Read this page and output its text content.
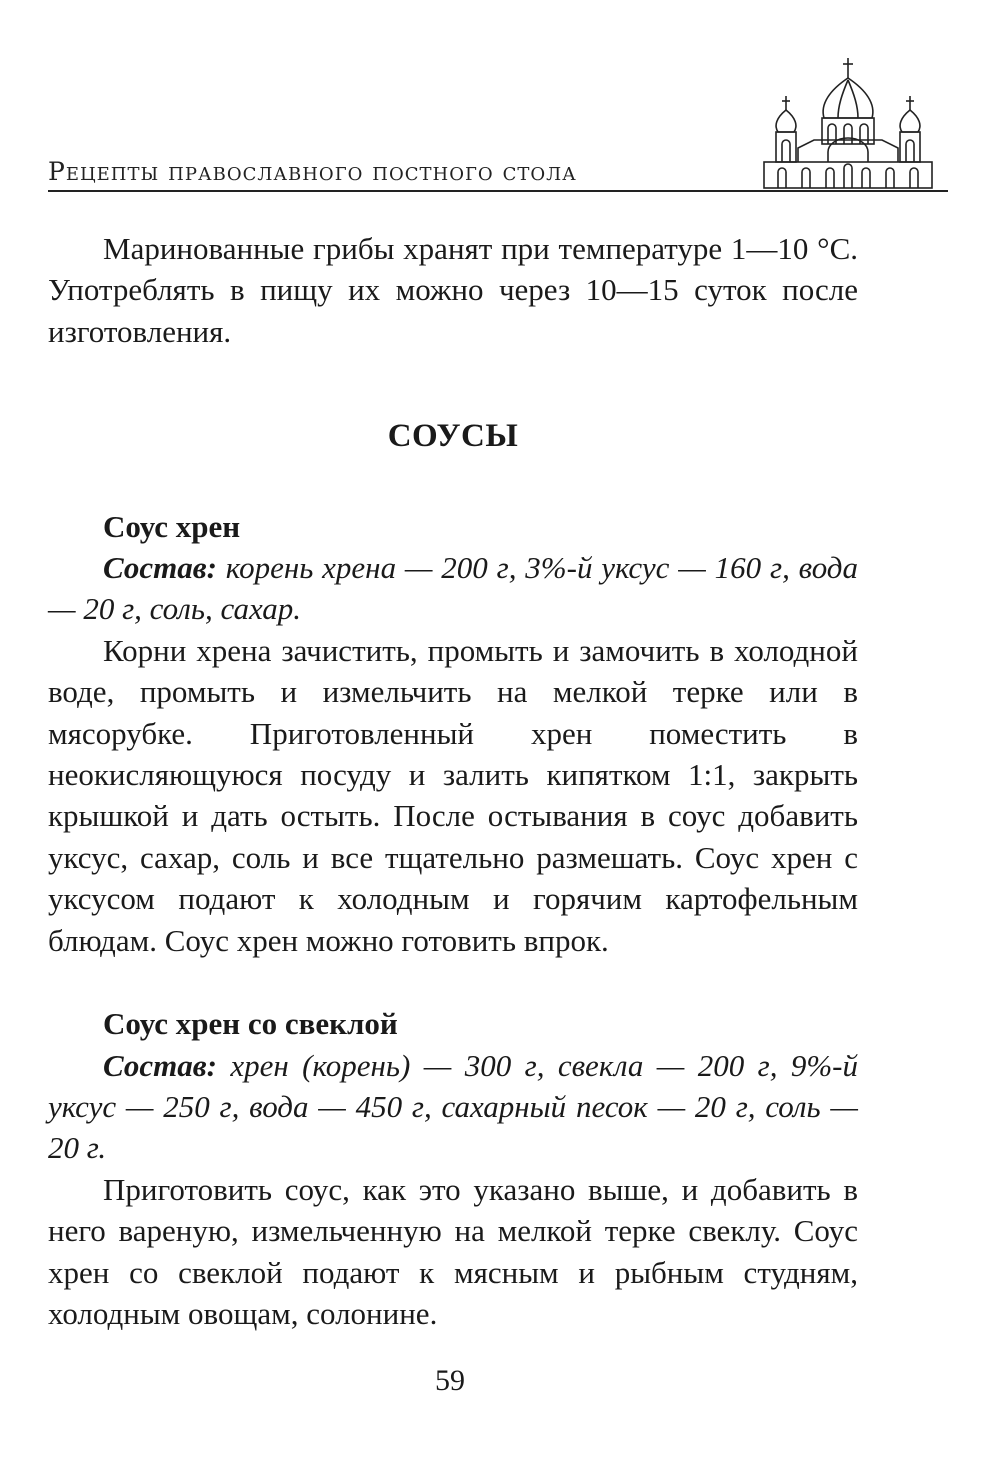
Рецепты православного постного стола

Маринованные грибы хранят при температуре 1—10 °С. Употреблять в пищу их можно через 10—15 суток после изготовления.

СОУСЫ

Соус хрен

Состав: корень хрена — 200 г, 3%-й уксус — 160 г, вода — 20 г, соль, сахар.

Корни хрена зачистить, промыть и замочить в холодной воде, промыть и измельчить на мелкой терке или в мясорубке. Приготовленный хрен поместить в неокисляющуюся посуду и залить кипятком 1:1, закрыть крышкой и дать остыть. После остывания в соус добавить уксус, сахар, соль и все тщательно размешать. Соус хрен с уксусом подают к холодным и горячим картофельным блюдам. Соус хрен можно готовить впрок.

Соус хрен со свеклой

Состав: хрен (корень) — 300 г, свекла — 200 г, 9%-й уксус — 250 г, вода — 450 г, сахарный песок — 20 г, соль — 20 г.

Приготовить соус, как это указано выше, и добавить в него вареную, измельченную на мелкой терке свеклу. Соус хрен со свеклой подают к мясным и рыбным студням, холодным овощам, солонине.

59
